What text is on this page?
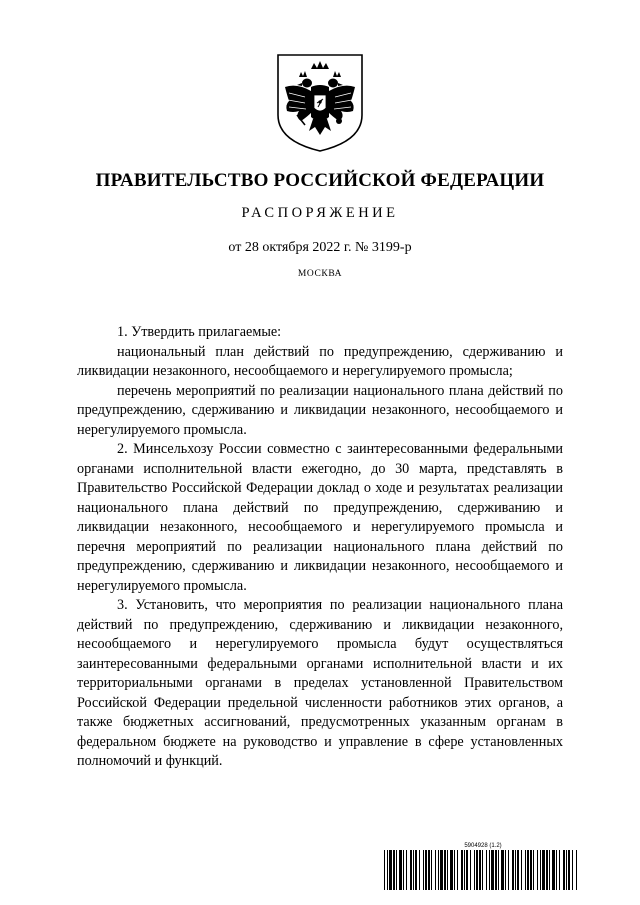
ПРАВИТЕЛЬСТВО РОССИЙСКОЙ ФЕДЕРАЦИИ
РАСПОРЯЖЕНИЕ
от 28 октября 2022 г. № 3199-р
МОСКВА

1. Утвердить прилагаемые:

национальный план действий по предупреждению, сдерживанию и ликвидации незаконного, несообщаемого и нерегулируемого промысла;

перечень мероприятий по реализации национального плана действий по предупреждению, сдерживанию и ликвидации незаконного, несообщаемого и нерегулируемого промысла.

2. Минсельхозу России совместно с заинтересованными федеральными органами исполнительной власти ежегодно, до 30 марта, представлять в Правительство Российской Федерации доклад о ходе и результатах реализации национального плана действий по предупреждению, сдерживанию и ликвидации незаконного, несообщаемого и нерегулируемого промысла и перечня мероприятий по реализации национального плана действий по предупреждению, сдерживанию и ликвидации незаконного, несообщаемого и нерегулируемого промысла.

3. Установить, что мероприятия по реализации национального плана действий по предупреждению, сдерживанию и ликвидации незаконного, несообщаемого и нерегулируемого промысла будут осуществляться заинтересованными федеральными органами исполнительной власти и их территориальными органами в пределах установленной Правительством Российской Федерации предельной численности работников этих органов, а также бюджетных ассигнований, предусмотренных указанным органам в федеральном бюджете на руководство и управление в сфере установленных полномочий и функций.

5904928 (1.2)
